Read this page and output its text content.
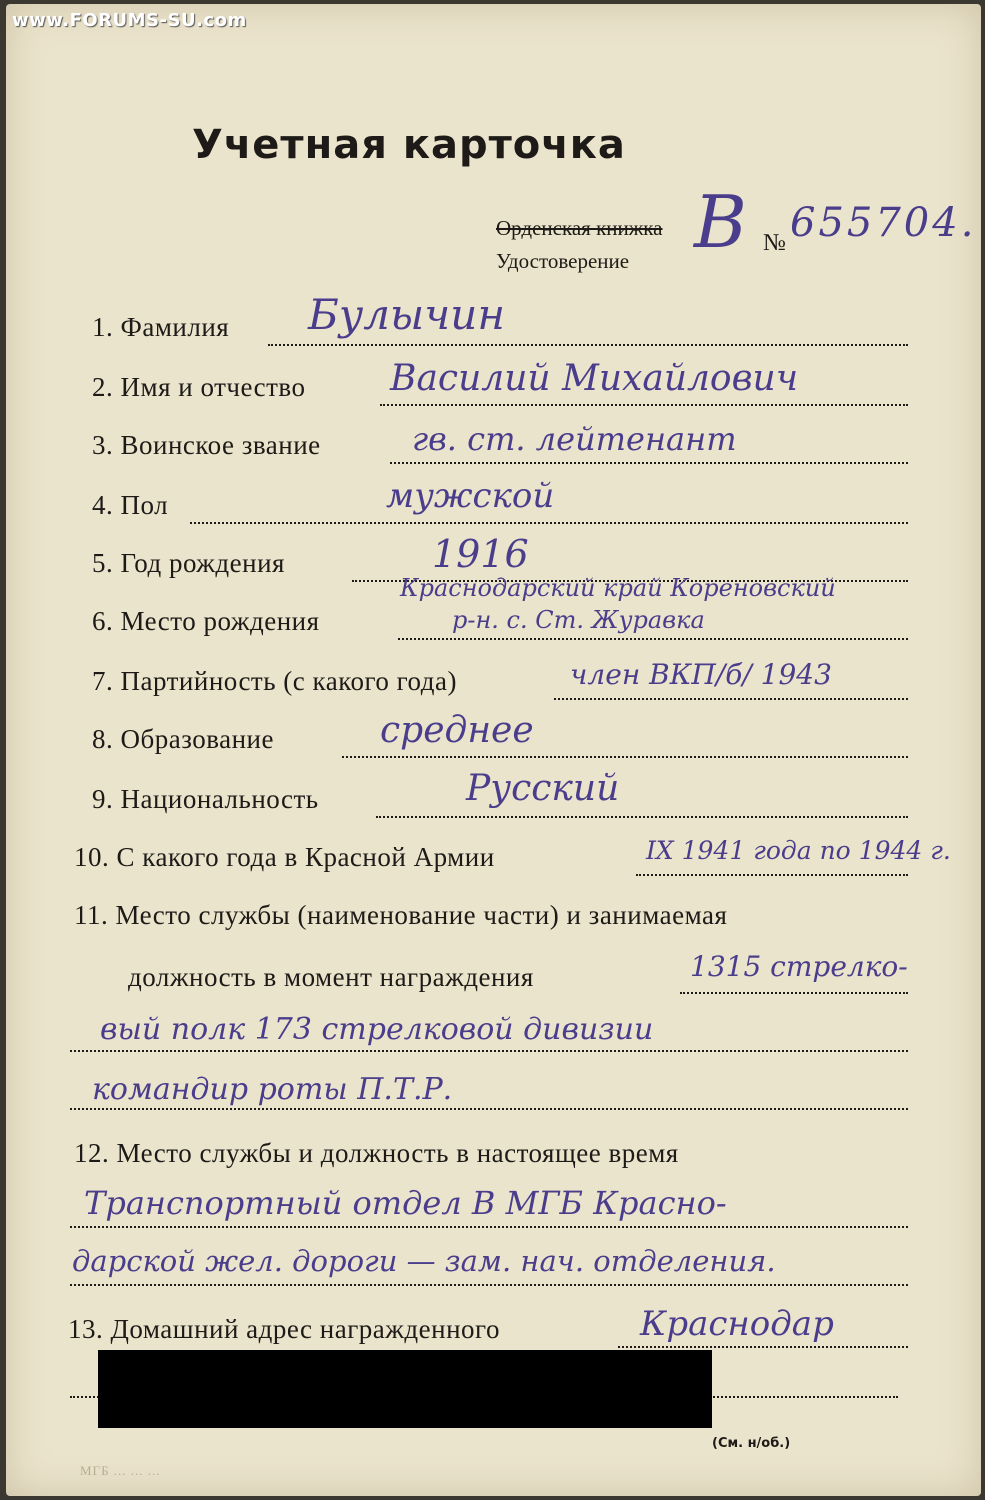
www.FORUMS-SU.com
Учетная карточка
Орденская книжка
Удостоверение
№
В 655704.
1. Фамилия Булычин
2. Имя и отчество Василий Михайлович
3. Воинское звание	гв. ст. лейтенант
4. Пол	мужской
5. Год рождения	1916
6. Место рождения
Краснодарский край Кореновский
р-н. с. Ст. Журавка
7. Партийность (с какого года)	член ВКП/б/ 1943
8. Образование	среднее
9. Национальность	Русский
10. С какого года в Красной Армии	IX 1941 года по 1944 г.
11. Место службы (наименование части) и занимаемая
должность в момент награждения	1315 стрелко-
вый полк 173 стрелковой дивизии
командир роты П.Т.Р.
12. Место службы и должность в настоящее время
Транспортный отдел В МГБ Красно-
дарской жел. дороги — зам. нач. отделения.
13. Домашний адрес награжденного	Краснодар
(См. н/об.)
МГБ ... ... ...
